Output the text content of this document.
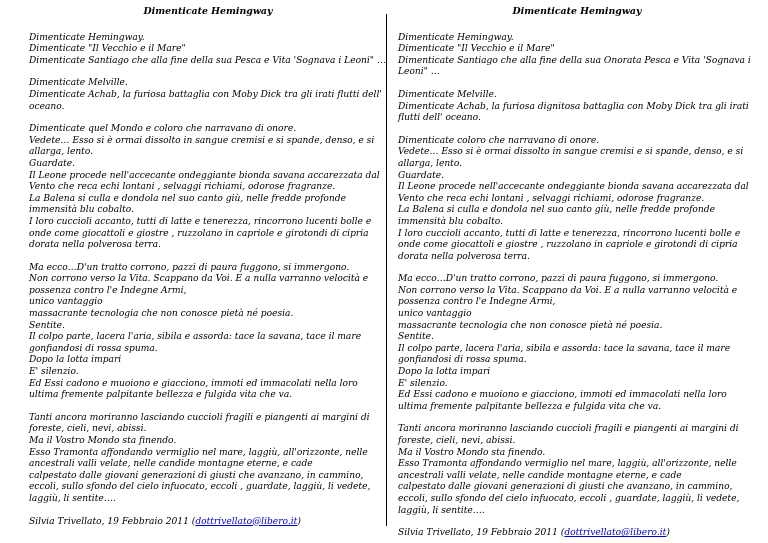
Dimenticate Hemingway
Dimenticate Hemingway.
Dimenticate "Il Vecchio e il Mare"
Dimenticate Santiago che alla fine della sua Pesca e Vita 'Sognava i Leoni" …
Dimenticate Melville.
Dimenticate Achab, la furiosa battaglia con Moby Dick tra gli irati flutti dell' oceano.
Dimenticate quel Mondo e coloro che narravano di onore.
Vedete… Esso si è ormai dissolto in sangue cremisi e si spande, denso, e si allarga, lento.
Guardate.
Il Leone procede nell'accecante ondeggiante bionda savana accarezzata dal Vento che reca echi lontani , selvaggi richiami, odorose fragranze.
La Balena si culla e dondola nel suo canto giù, nelle fredde profonde immensità blu cobalto.
I loro cuccioli accanto, tutti di latte e tenerezza, rincorrono lucenti bolle e onde come giocattoli e giostre , ruzzolano in capriole e girotondi di cipria dorata nella polverosa terra.
Ma ecco…D'un tratto corrono, pazzi di paura fuggono, si immergono.
Non corrono verso la Vita. Scappano da Voi. E a nulla varranno velocità e possenza contro l'e Indegne Armi,
unico vantaggio
massacrante tecnologia che non conosce pietà né poesia.
Sentite.
Il colpo parte, lacera l'aria, sibila e assorda: tace la savana, tace il mare gonfiandosi di rossa spuma.
Dopo la lotta impari
E' silenzio.
Ed Essi cadono e muoiono e giacciono, immoti ed immacolati nella loro ultima fremente palpitante bellezza e fulgida vita che va.
Tanti ancora moriranno lasciando cuccioli fragili e piangenti ai margini di foreste, cieli, nevi, abissi.
Ma il Vostro Mondo sta finendo.
Esso Tramonta affondando vermiglio nel mare, laggiù, all'orizzonte, nelle ancestrali valli velate, nelle candide montagne eterne, e cade
calpestato dalle giovani generazioni di giusti che avanzano, in cammino, eccoli, sullo sfondo del cielo infuocato, eccoli , guardate, laggiù, li vedete, laggiù, li sentite….
Silvia Trivellato, 19 Febbraio 2011 (dottrivellato@libero.it)
Dimenticate Hemingway
Dimenticate Hemingway.
Dimenticate "Il Vecchio e il Mare"
Dimenticate Santiago che alla fine della sua Onorata Pesca e Vita 'Sognava i Leoni" …
Dimenticate Melville.
Dimenticate Achab, la furiosa dignitosa battaglia con Moby Dick tra gli irati flutti dell' oceano.
Dimenticate coloro che narravano di onore.
Vedete… Esso si è ormai dissolto in sangue cremisi e si spande, denso, e si allarga, lento.
Guardate.
Il Leone procede nell'accecante ondeggiante bionda savana accarezzata dal Vento che reca echi lontani , selvaggi richiami, odorose fragranze.
La Balena si culla e dondola nel suo canto giù, nelle fredde profonde immensità blu cobalto.
I loro cuccioli accanto, tutti di latte e tenerezza, rincorrono lucenti bolle e onde come giocattoli e giostre , ruzzolano in capriole e girotondi di cipria dorata nella polverosa terra.
Ma ecco…D'un tratto corrono, pazzi di paura fuggono, si immergono.
Non corrono verso la Vita. Scappano da Voi. E a nulla varranno velocità e possenza contro l'e Indegne Armi,
unico vantaggio
massacrante tecnologia che non conosce pietà né poesia.
Sentite.
Il colpo parte, lacera l'aria, sibila e assorda: tace la savana, tace il mare gonfiandosi di rossa spuma.
Dopo la lotta impari
E' silenzio.
Ed Essi cadono e muoiono e giacciono, immoti ed immacolati nella loro ultima fremente palpitante bellezza e fulgida vita che va.
Tanti ancora moriranno lasciando cuccioli fragili e piangenti ai margini di foreste, cieli, nevi, abissi.
Ma il Vostro Mondo sta finendo.
Esso Tramonta affondando vermiglio nel mare, laggiù, all'orizzonte, nelle ancestrali valli velate, nelle candide montagne eterne, e cade
calpestato dalle giovani generazioni di giusti che avanzano, in cammino, eccoli, sullo sfondo del cielo infuocato, eccoli , guardate, laggiù, li vedete, laggiù, li sentite….
Silvia Trivellato, 19 Febbraio 2011 (dottrivellato@libero.it)
